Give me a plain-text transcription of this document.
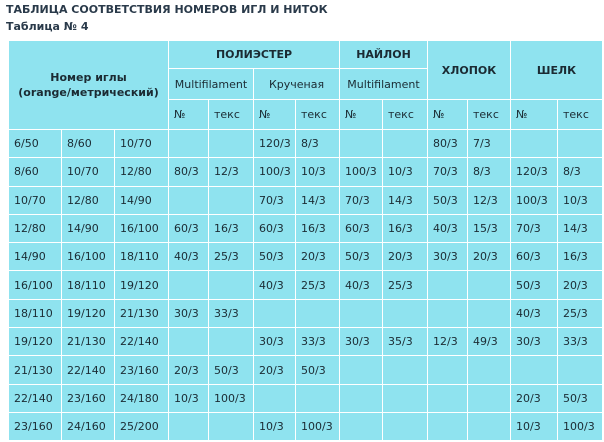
ТАБЛИЦА СООТВЕТСТВИЯ НОМЕРОВ ИГЛ И НИТОК
Таблица № 4
Номер иглы
(orange/метрический)			ПОЛИЭСТЕР				НАЙЛОН		ХЛОПОК		ШЕЛК	
			Multifilament		Крученая		Multifilament					
			№	текс	№	текс	№	текс	№	текс	№	текс
6/50	8/60	10/70			120/3	8/3			80/3	7/3		
8/60	10/70	12/80	80/3	12/3	100/3	10/3	100/3	10/3	70/3	8/3	120/3	8/3
10/70	12/80	14/90			70/3	14/3	70/3	14/3	50/3	12/3	100/3	10/3
12/80	14/90	16/100	60/3	16/3	60/3	16/3	60/3	16/3	40/3	15/3	70/3	14/3
14/90	16/100	18/110	40/3	25/3	50/3	20/3	50/3	20/3	30/3	20/3	60/3	16/3
16/100	18/110	19/120			40/3	25/3	40/3	25/3			50/3	20/3
18/110	19/120	21/130	30/3	33/3							40/3	25/3
19/120	21/130	22/140			30/3	33/3	30/3	35/3	12/3	49/3	30/3	33/3
21/130	22/140	23/160	20/3	50/3	20/3	50/3						
22/140	23/160	24/180	10/3	100/3							20/3	50/3
23/160	24/160	25/200			10/3	100/3					10/3	100/3
